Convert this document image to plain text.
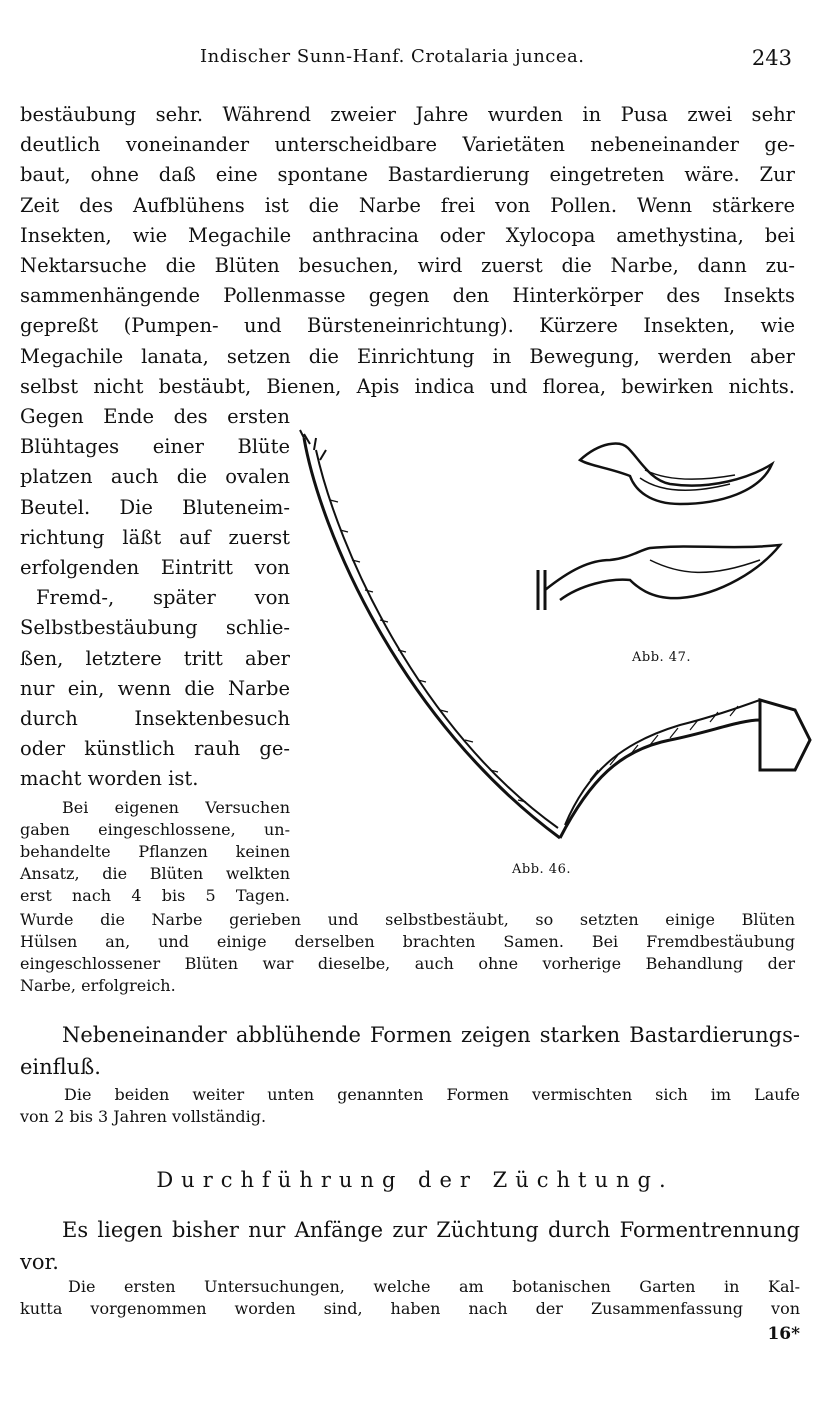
Indischer Sunn-Hanf. Crotalaria juncea.	243
bestäubung sehr. Während zweier Jahre wurden in Pusa zwei sehr
deutlich voneinander unterscheidbare Varietäten nebeneinander ge-
baut, ohne daß eine spontane Bastardierung eingetreten wäre. Zur
Zeit des Aufblühens ist die Narbe frei von Pollen. Wenn stärkere
Insekten, wie Megachile anthracina oder Xylocopa amethystina, bei
Nektarsuche die Blüten besuchen, wird zuerst die Narbe, dann zu-
sammenhängende Pollenmasse gegen den Hinterkörper des Insekts
gepreßt (Pumpen- und Bürsteneinrichtung). Kürzere Insekten, wie
Megachile lanata, setzen die Einrichtung in Bewegung, werden aber
selbst nicht bestäubt, Bienen, Apis indica und florea, bewirken nichts.
Gegen Ende des ersten
Blühtages einer Blüte
platzen auch die ovalen
Beutel. Die Bluteneim-
richtung läßt auf zuerst
erfolgenden Eintritt von
Fremd-, später von
Selbstbestäubung schlie-
ßen, letztere tritt aber
nur ein, wenn die Narbe
durch Insektenbesuch
oder künstlich rauh ge-
macht worden ist.
Bei eigenen Versuchen
gaben eingeschlossene, un-
behandelte Pflanzen keinen
Ansatz, die Blüten welkten
erst nach 4 bis 5 Tagen.
Wurde die Narbe gerieben und selbstbestäubt, so setzten einige Blüten
Hülsen an, und einige derselben brachten Samen. Bei Fremdbestäubung
eingeschlossener Blüten war dieselbe, auch ohne vorherige Behandlung der
Narbe, erfolgreich.
Nebeneinander abblühende Formen zeigen starken Bastardierungs-
einfluß.
Die beiden weiter unten genannten Formen vermischten sich im Laufe
von 2 bis 3 Jahren vollständig.
Durchführung der Züchtung.
Es liegen bisher nur Anfänge zur Züchtung durch Formentrennung
vor.
Die ersten Untersuchungen, welche am botanischen Garten in Kal-
kutta vorgenommen worden sind, haben nach der Zusammenfassung von
16*
Abb. 47.
Abb. 46.
